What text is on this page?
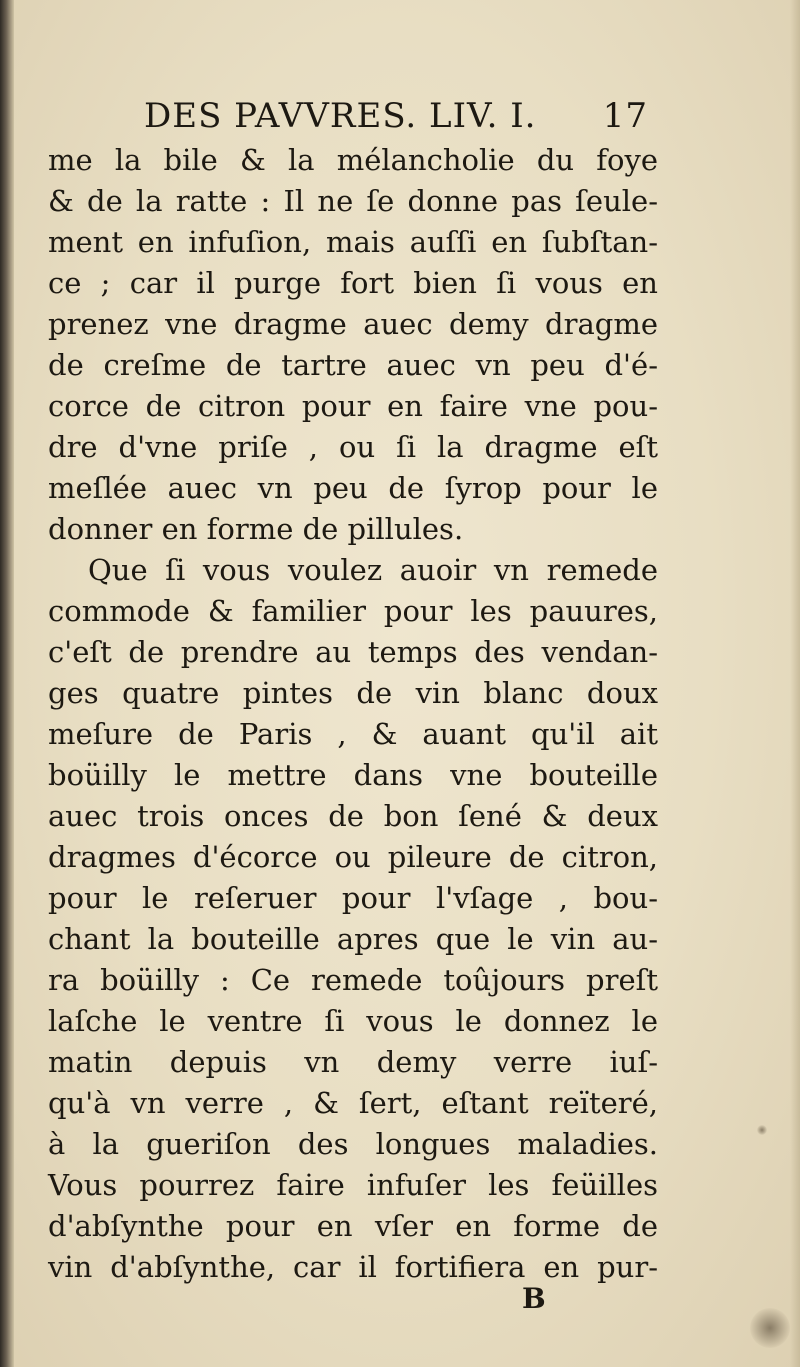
DES PAVVRES. LIV. I. 17
me la bile & la mélancholie du foye
& de la ratte : Il ne ſe donne pas ſeule-
ment en infuſion, mais auſſi en ſubſtan-
ce ; car il purge fort bien ſi vous en
prenez vne dragme auec demy dragme
de creſme de tartre auec vn peu d'é-
corce de citron pour en faire vne pou-
dre d'vne priſe , ou ſi la dragme eſt
meſlée auec vn peu de ſyrop pour le
donner en forme de pillules.
Que ſi vous voulez auoir vn remede
commode & familier pour les pauures,
c'eſt de prendre au temps des vendan-
ges quatre pintes de vin blanc doux
meſure de Paris , & auant qu'il ait
boüilly le mettre dans vne bouteille
auec trois onces de bon ſené & deux
dragmes d'écorce ou pileure de citron,
pour le reſeruer pour l'vſage , bou-
chant la bouteille apres que le vin au-
ra boüilly : Ce remede toûjours preſt
laſche le ventre ſi vous le donnez le
matin depuis vn demy verre iuſ-
qu'à vn verre , & ſert, eſtant reïteré,
à la gueriſon des longues maladies.
Vous pourrez faire infuſer les feüilles
d'abſynthe pour en vſer en forme de
vin d'abſynthe, car il fortifiera en pur-
B
